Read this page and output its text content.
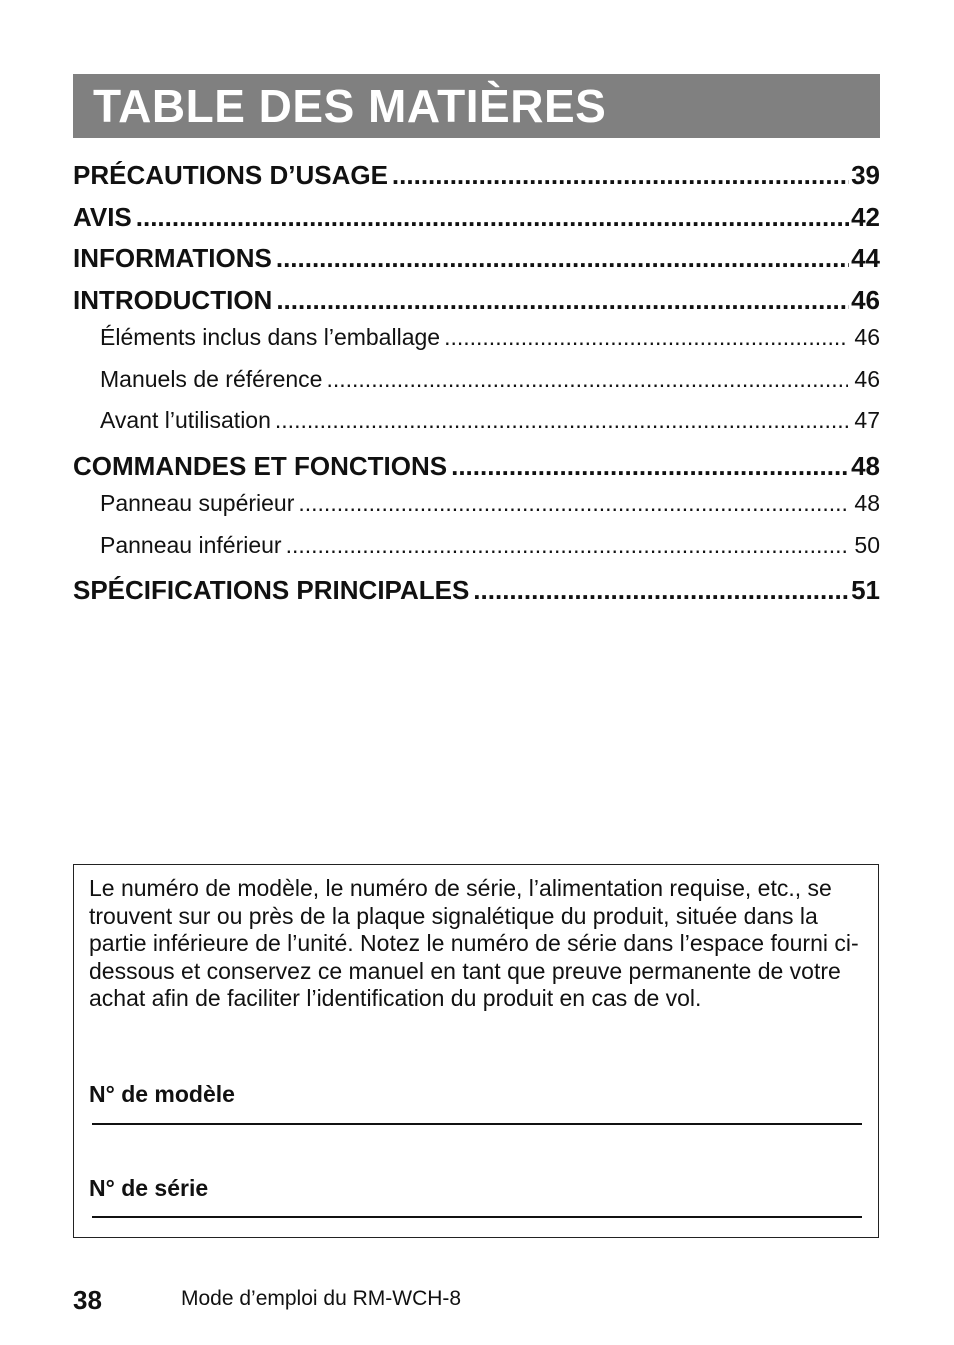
TABLE DES MATIÈRES
PRÉCAUTIONS D’USAGE .....	39
AVIS .....	42
INFORMATIONS .....	44
INTRODUCTION .....	46
Éléments inclus dans l’emballage .....	46
Manuels de référence .....	46
Avant l’utilisation .....	47
COMMANDES ET FONCTIONS .....	48
Panneau supérieur .....	48
Panneau inférieur .....	50
SPÉCIFICATIONS PRINCIPALES .....	51

Le numéro de modèle, le numéro de série, l’alimentation requise, etc., se trouvent sur ou près de la plaque signalétique du produit, située dans la partie inférieure de l’unité. Notez le numéro de série dans l’espace fourni ci-dessous et conservez ce manuel en tant que preuve permanente de votre achat afin de faciliter l’identification du produit en cas de vol.

N° de modèle
N° de série
38	Mode d’emploi du RM-WCH-8
